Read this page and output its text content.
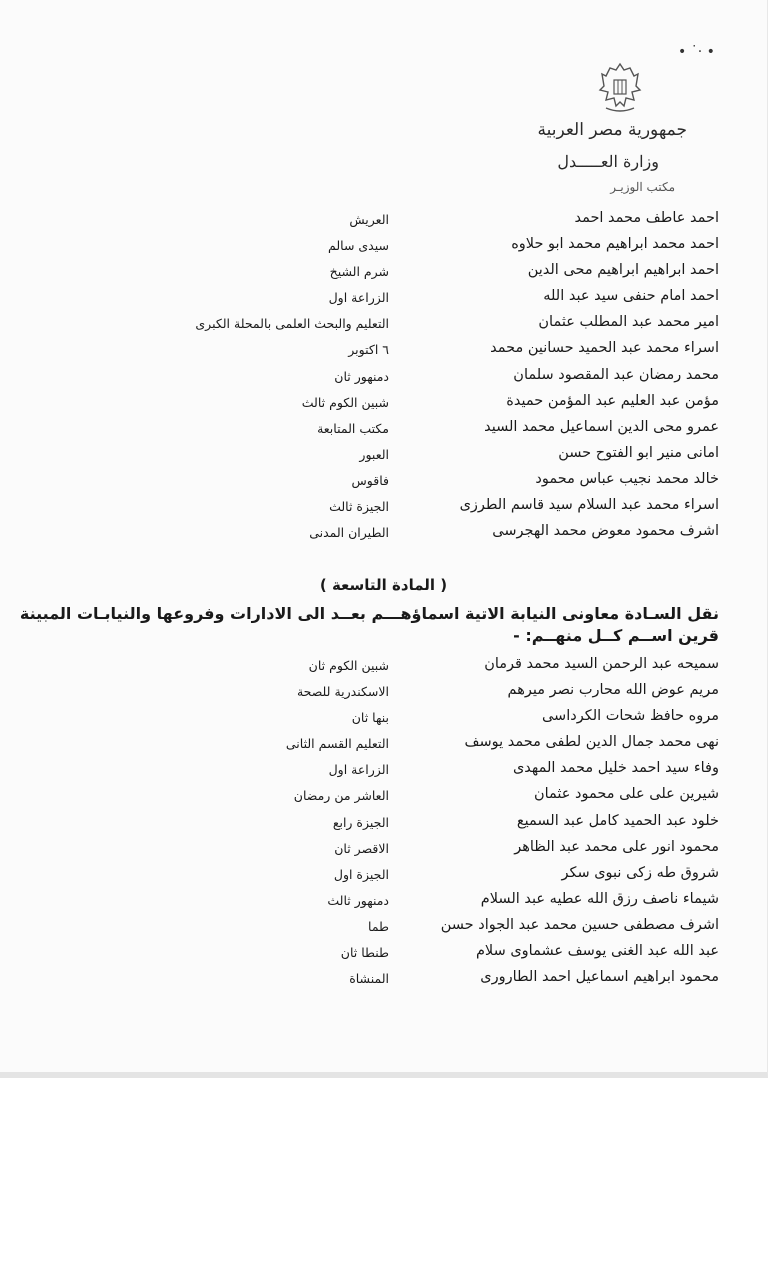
• ·˙ •
جمهورية مصر العربية
وزارة العـــــدل
مكتب الوزيـر
احمد عاطف محمد احمد
العريش
احمد محمد ابراهيم محمد ابو حلاوه
سيدى سالم
احمد ابراهيم ابراهيم محى الدين
شرم الشيخ
احمد امام حنفى سيد عبد الله
الزراعة اول
امير محمد عبد المطلب عثمان
التعليم والبحث العلمى بالمحلة الكبرى
اسراء محمد عبد الحميد حسانين محمد
٦ اكتوبر
محمد رمضان عبد المقصود سلمان
دمنهور ثان
مؤمن عبد العليم عبد المؤمن حميدة
شبين الكوم ثالث
عمرو محى الدين اسماعيل محمد السيد
مكتب المتابعة
امانى منير ابو الفتوح حسن
العبور
خالد محمد نجيب عباس محمود
فاقوس
اسراء محمد عبد السلام سيد قاسم الطرزى
الجيزة ثالث
اشرف محمود معوض محمد الهجرسى
الطيران المدنى
( المادة التاسعة )
نقل السـادة معاونى النيابة الاتية اسماؤهـــم بعــد الى الادارات وفروعها والنيابـات المبينة
قرين اســم كــل منهــم: -
سميحه عبد الرحمن السيد محمد قرمان
شبين الكوم ثان
مريم عوض الله محارب نصر ميرهم
الاسكندرية للصحة
مروه حافظ شحات الكرداسى
بنها ثان
نهى محمد جمال الدين لطفى محمد يوسف
التعليم القسم الثانى
وفاء سيد احمد خليل محمد المهدى
الزراعة اول
شيرين على على محمود عثمان
العاشر من رمضان
خلود عبد الحميد كامل عبد السميع
الجيزة رابع
محمود انور على محمد عبد الظاهر
الاقصر ثان
شروق طه زكى نبوى سكر
الجيزة اول
شيماء ناصف رزق الله عطيه عبد السلام
دمنهور ثالث
اشرف مصطفى حسين محمد عبد الجواد حسن
طما
عبد الله عبد الغنى يوسف عشماوى سلام
طنطا ثان
محمود ابراهيم اسماعيل احمد الطاروری
المنشاة
